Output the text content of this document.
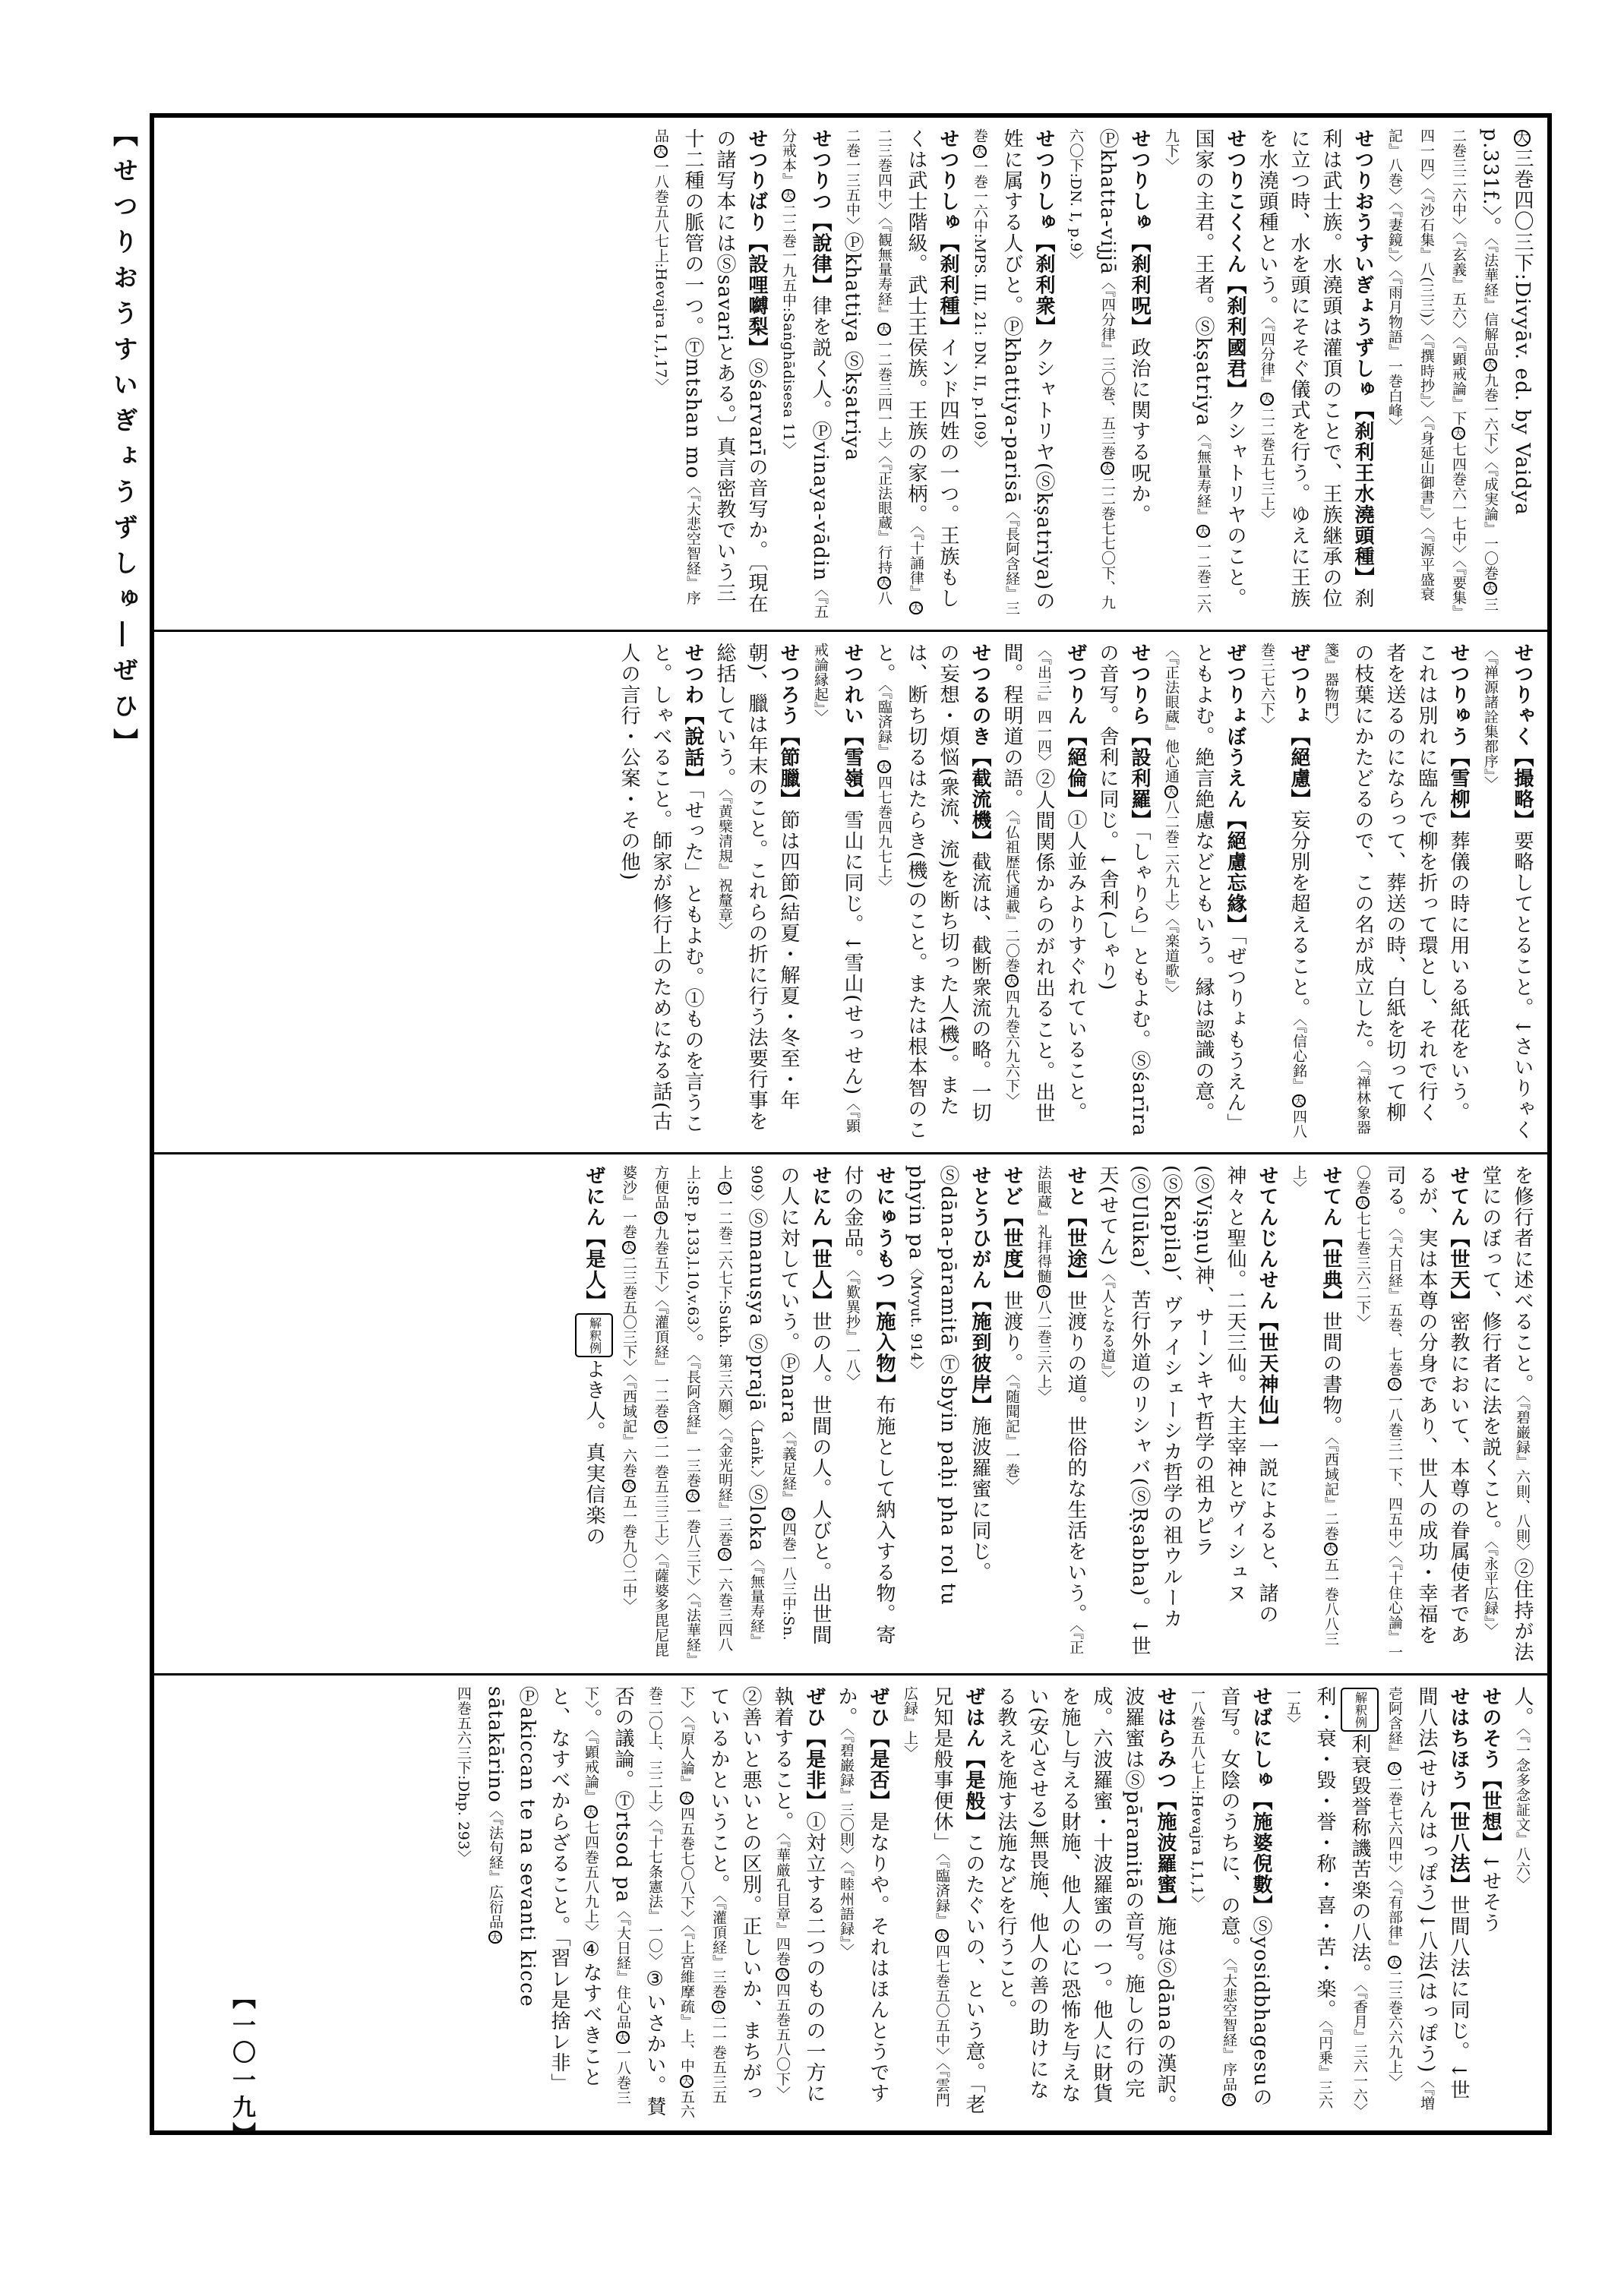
【せつりおうすいぎょうずしゅ―ぜひ】	大三巻四〇三下:Divyāv. ed. by Vaidya p.331f.〉。〈『法華経』信解品大九巻一六下〉〈『成実論』一〇巻大三二巻三二六中〉〈『玄義』五六〉〈『顕戒論』下大七四巻六一七中〉〈『要集』四一四〉〈『沙石集』八(三三)〉〈『撰時抄』〉〈『身延山御書』〉〈『源平盛衰記』八巻〉〈『妻鏡』〉〈『雨月物語』一巻白峰〉
せつりおうすいぎょうずしゅ【刹利王水澆頭種】刹利は武士族。水澆頭は灌頂のことで、王族継承の位に立つ時、水を頭にそそぐ儀式を行う。ゆえに王族を水澆頭種という。〈『四分律』大二二巻五七三上〉
せつりこくくん【刹利國君】クシャトリヤのこと。国家の主君。王者。Ⓢkṣatriya〈『無量寿経』大一二巻二六九下〉
せつりしゅ【刹利呪】政治に関する呪か。Ⓟkhatta-vijjā〈『四分律』三〇巻、五三巻大二二巻七七〇下、九六〇下:DN. I, p.9〉
せつりしゅ【刹利衆】クシャトリヤ(Ⓢkṣatriya)の姓に属する人びと。Ⓟkhattiya-parisā〈『長阿含経』三巻大一巻一六中:MPS. III, 21: DN. II, p.109〉
せつりしゅ【刹利種】インド四姓の一つ。王族もしくは武士階級。武士王侯族。王族の家柄。〈『十誦律』大二三巻四中〉〈『観無量寿経』大一二巻三四一上〉〈『正法眼蔵』行持大八二巻一三五中〉Ⓟkhattiya Ⓢkṣatriya
せつりつ【說律】律を説く人。Ⓟvinaya-vādin〈『五分戒本』大二二巻一九五中:Saṅghādisesa 11〉
せつりばり【設哩嚩梨】Ⓢśarvarīの音写か。〔現在の諸写本にはⓈsavariとある。〕真言密教でいう三十二種の脈管の一つ。Ⓣmtshan mo〈『大悲空智経』序品大一八巻五八七上:Hevajra I,1,17〉
せつりゃく【撮略】要略してとること。↓さいりゃく〈『禅源諸詮集都序』〉
せつりゅう【雪柳】葬儀の時に用いる紙花をいう。これは別れに臨んで柳を折って環とし、それで行く者を送るのにならって、葬送の時、白紙を切って柳の枝葉にかたどるので、この名が成立した。〈『禅林象器箋』器物門〉
ぜつりょ【絕慮】妄分別を超えること。〈『信心銘』大四八巻三七六下〉
ぜつりょぼうえん【絕慮忘緣】「ぜつりょもうえん」ともよむ。絶言絶慮などともいう。縁は認識の意。〈『正法眼蔵』他心通大八二巻二六九上〉〈『楽道歌』〉
せつりら【設利羅】「しゃりら」ともよむ。Ⓢśarīraの音写。舎利に同じ。↓舎利(しゃり)
ぜつりん【絕倫】①人並みよりすぐれていること。〈『出三』四一四〉②人間関係からのがれ出ること。出世間。程明道の語。〈『仏祖歴代通載』二〇巻大四九巻六九六下〉
せつるのき【截流機】截流は、截断衆流の略。一切の妄想・煩悩(衆流、流)を断ち切った人(機)。または、断ち切るはたらき(機)のこと。または根本智のこと。〈『臨済録』大四七巻四九七上〉
せつれい【雪嶺】雪山に同じ。↓雪山(せっせん)〈『顕戒論縁起』〉
せつろう【節臘】節は四節(結夏・解夏・冬至・年朝)、臘は年末のこと。これらの折に行う法要行事を総括していう。〈『黄檗清規』祝釐章〉
せつわ【說話】「せった」ともよむ。①ものを言うこと。しゃべること。師家が修行上のためになる話(古人の言行・公案・その他)
を修行者に述べること。〈『碧巌録』六則、八則〉②住持が法堂にのぼって、修行者に法を説くこと。〈『永平広録』〉
せてん【世天】密教において、本尊の眷属使者であるが、実は本尊の分身であり、世人の成功・幸福を司る。〈『大日経』五巻、七巻大一八巻三一下、四五中〉〈『十住心論』一〇巻大七七巻三六二下〉
せてん【世典】世間の書物。〈『西域記』二巻大五一巻八八三上〉
せてんじんせん【世天神仙】一説によると、諸の神々と聖仙。二天三仙。大主宰神とヴィシュヌ(ⓈViṣṇu)神、サーンキヤ哲学の祖カピラ(ⓈKapila)、ヴァイシェーシカ哲学の祖ウルーカ(ⓈUlūka)、苦行外道のリシャバ(ⓈṚṣabha)。↓世天(せてん)〈『人となる道』〉
せと【世途】世渡りの道。世俗的な生活をいう。〈『正法眼蔵』礼拝得髄大八二巻三六上〉
せど【世度】世渡り。〈『随聞記』一巻〉
せとうひがん【施到彼岸】施波羅蜜に同じ。Ⓢdāna-pāramitā Ⓣsbyin paḥi pha rol tu phyin pa〈Mvyut. 914〉
せにゅうもつ【施入物】布施として納入する物。寄付の金品。〈『歎異抄』一八〉
せにん【世人】世の人。世間の人。人びと。出世間の人に対していう。Ⓟnara〈『義足経』大四巻一八三中:Sn. 909〉Ⓢmanuṣya Ⓢprajā〈Laṅk.〉Ⓢloka〈『無量寿経』上大一二巻二六七下:Sukh. 第三六願〉〈『金光明経』三巻大一六巻三四八上:SP. p.133,l.10,v.63〉。〈『長阿含経』一三巻大一巻八三下〉〈『法華経』方便品大九巻五下〉〈『灌頂経』一二巻大二一巻五三三上〉〈『薩婆多毘尼毘婆沙』一巻大二三巻五〇三下〉〈『西域記』六巻大五一巻九〇二中〉
ぜにん【是人】解釈例よき人。真実信楽の
人。〈『一念多念証文』八六〉
せのそう【世想】↓せそう
せはちほう【世八法】世間八法に同じ。↓世間八法(せけんはっぽう)↓八法(はっぽう)〈『増壱阿含経』大二巻七六四中〉〈『有部律』大二三巻六六九上〉解釈例利衰毀誉称譏苦楽の八法。〈『香月』三六一六〉利・衰・毀・誉・称・喜・苦・楽。〈『円乗』三六一五〉
せばにしゅ【施婆倪數】Ⓢyosidbhagesuの音写。女陰のうちに、の意。〈『大悲空智経』序品大一八巻五八七上:Hevajra I,1,1〉
せはらみつ【施波羅蜜】施はⓈdānaの漢訳。波羅蜜はⓈpāramitāの音写。施しの行の完成。六波羅蜜・十波羅蜜の一つ。他人に財貨を施し与える財施、他人の心に恐怖を与えない(安心させる)無畏施、他人の善の助けになる教えを施す法施などを行うこと。
ぜはん【是般】このたぐいの、という意。「老兄知是般事便休」〈『臨済録』大四七巻五〇五中〉〈『雲門広録』上〉
ぜひ【是否】是なりや。それはほんとうですか。〈『碧巌録』三〇則〉〈『睦州語録』〉
ぜひ【是非】①対立する二つのものの一方に執着すること。〈『華厳孔目章』四巻大四五巻五八〇下〉②善いと悪いとの区別。正しいか、まちがっているかということ。〈『灌頂経』三巻大二一巻五三五下〉〈『原人論』大四五巻七〇八下〉〈『上宮維摩疏』上、中大五六巻二〇上、三二上〉〈『十七条憲法』一〇〉③いさかい。賛否の議論。Ⓣrtsod pa〈『大日経』住心品大一八巻三下〉。〈『顕戒論』大七四巻五八九上〉④なすべきことと、なすべからざること。「習レ是捨レ非」Ⓟakiccan te na sevanti kicce sātakārino〈『法句経』広衍品大四巻五六三下:Dhp. 293〉
【一〇一九】
